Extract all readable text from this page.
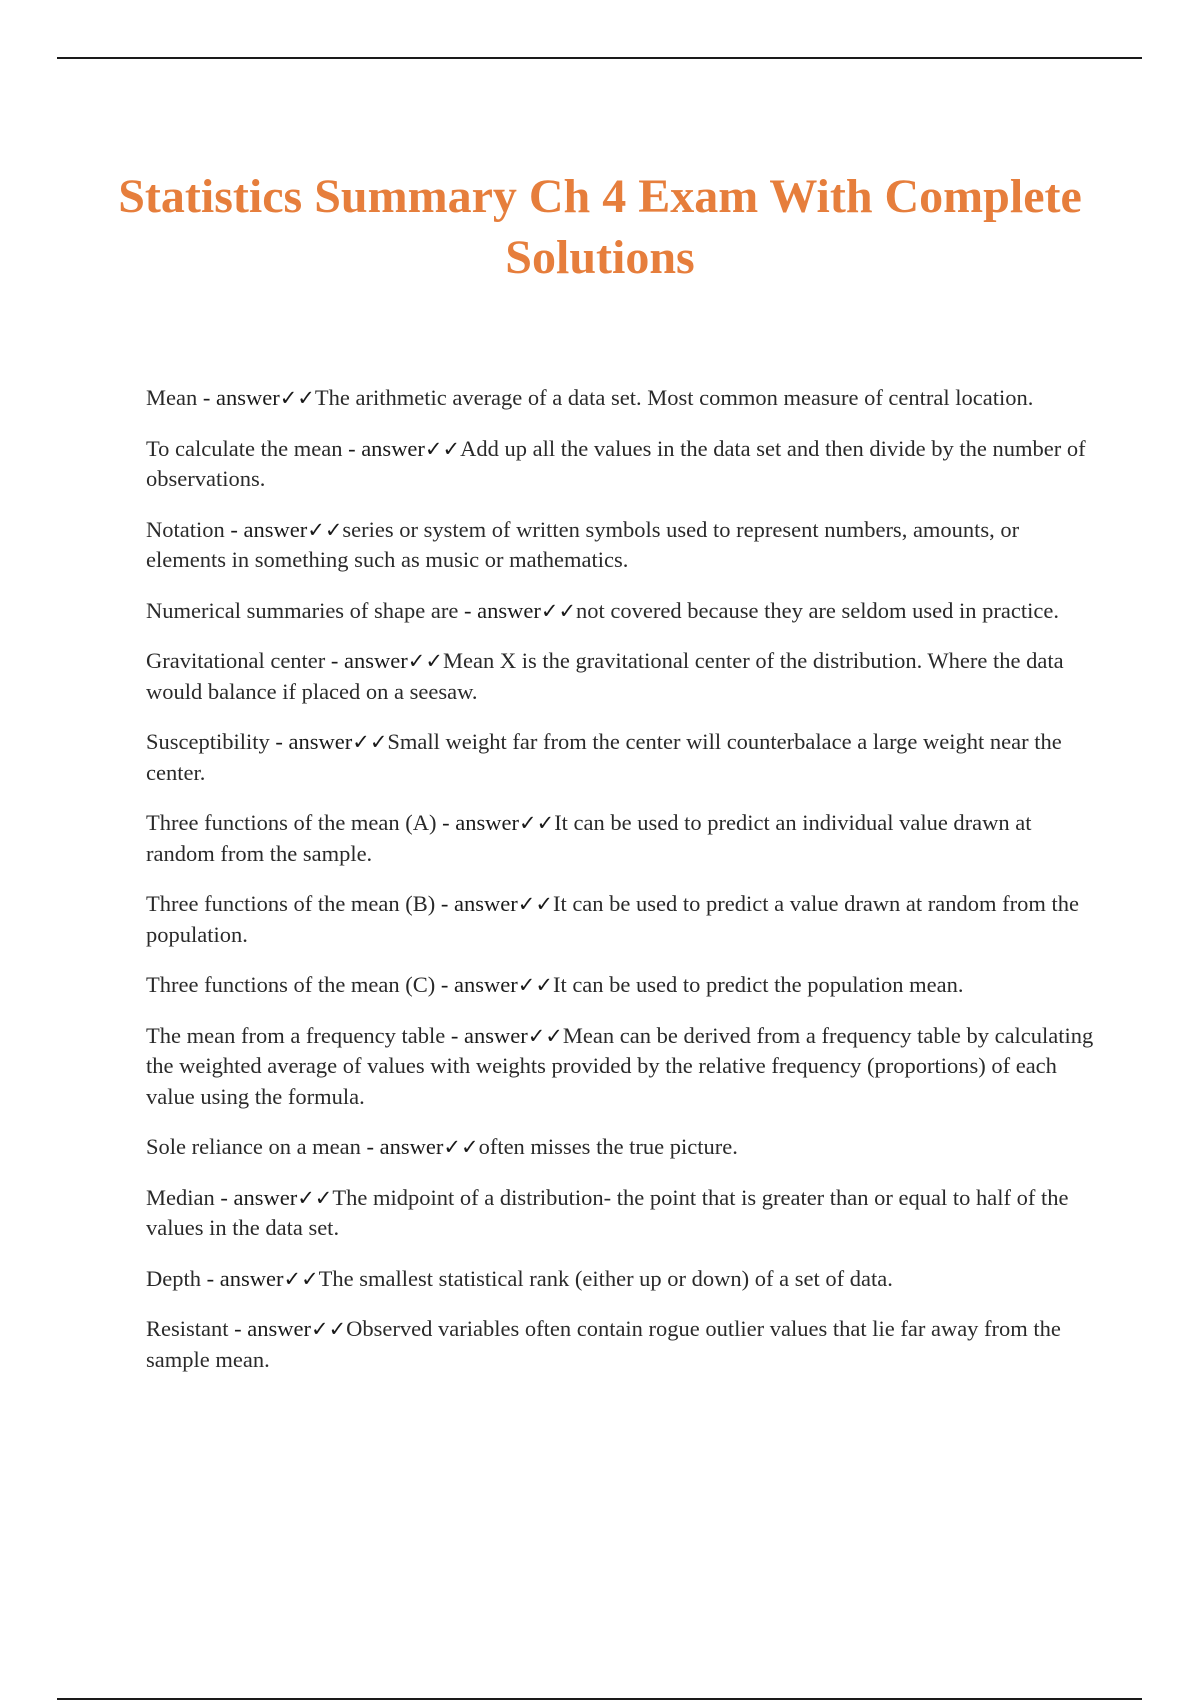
Statistics Summary Ch 4 Exam With Complete Solutions
Mean - answer✓✓The arithmetic average of a data set. Most common measure of central location.
To calculate the mean - answer✓✓Add up all the values in the data set and then divide by the number of observations.
Notation - answer✓✓series or system of written symbols used to represent numbers, amounts, or elements in something such as music or mathematics.
Numerical summaries of shape are - answer✓✓not covered because they are seldom used in practice.
Gravitational center - answer✓✓Mean X is the gravitational center of the distribution. Where the data would balance if placed on a seesaw.
Susceptibility - answer✓✓Small weight far from the center will counterbalace a large weight near the center.
Three functions of the mean (A) - answer✓✓It can be used to predict an individual value drawn at random from the sample.
Three functions of the mean (B) - answer✓✓It can be used to predict a value drawn at random from the population.
Three functions of the mean (C) - answer✓✓It can be used to predict the population mean.
The mean from a frequency table - answer✓✓Mean can be derived from a frequency table by calculating the weighted average of values with weights provided by the relative frequency (proportions) of each value using the formula.
Sole reliance on a mean - answer✓✓often misses the true picture.
Median - answer✓✓The midpoint of a distribution- the point that is greater than or equal to half of the values in the data set.
Depth - answer✓✓The smallest statistical rank (either up or down) of a set of data.
Resistant - answer✓✓Observed variables often contain rogue outlier values that lie far away from the sample mean.
